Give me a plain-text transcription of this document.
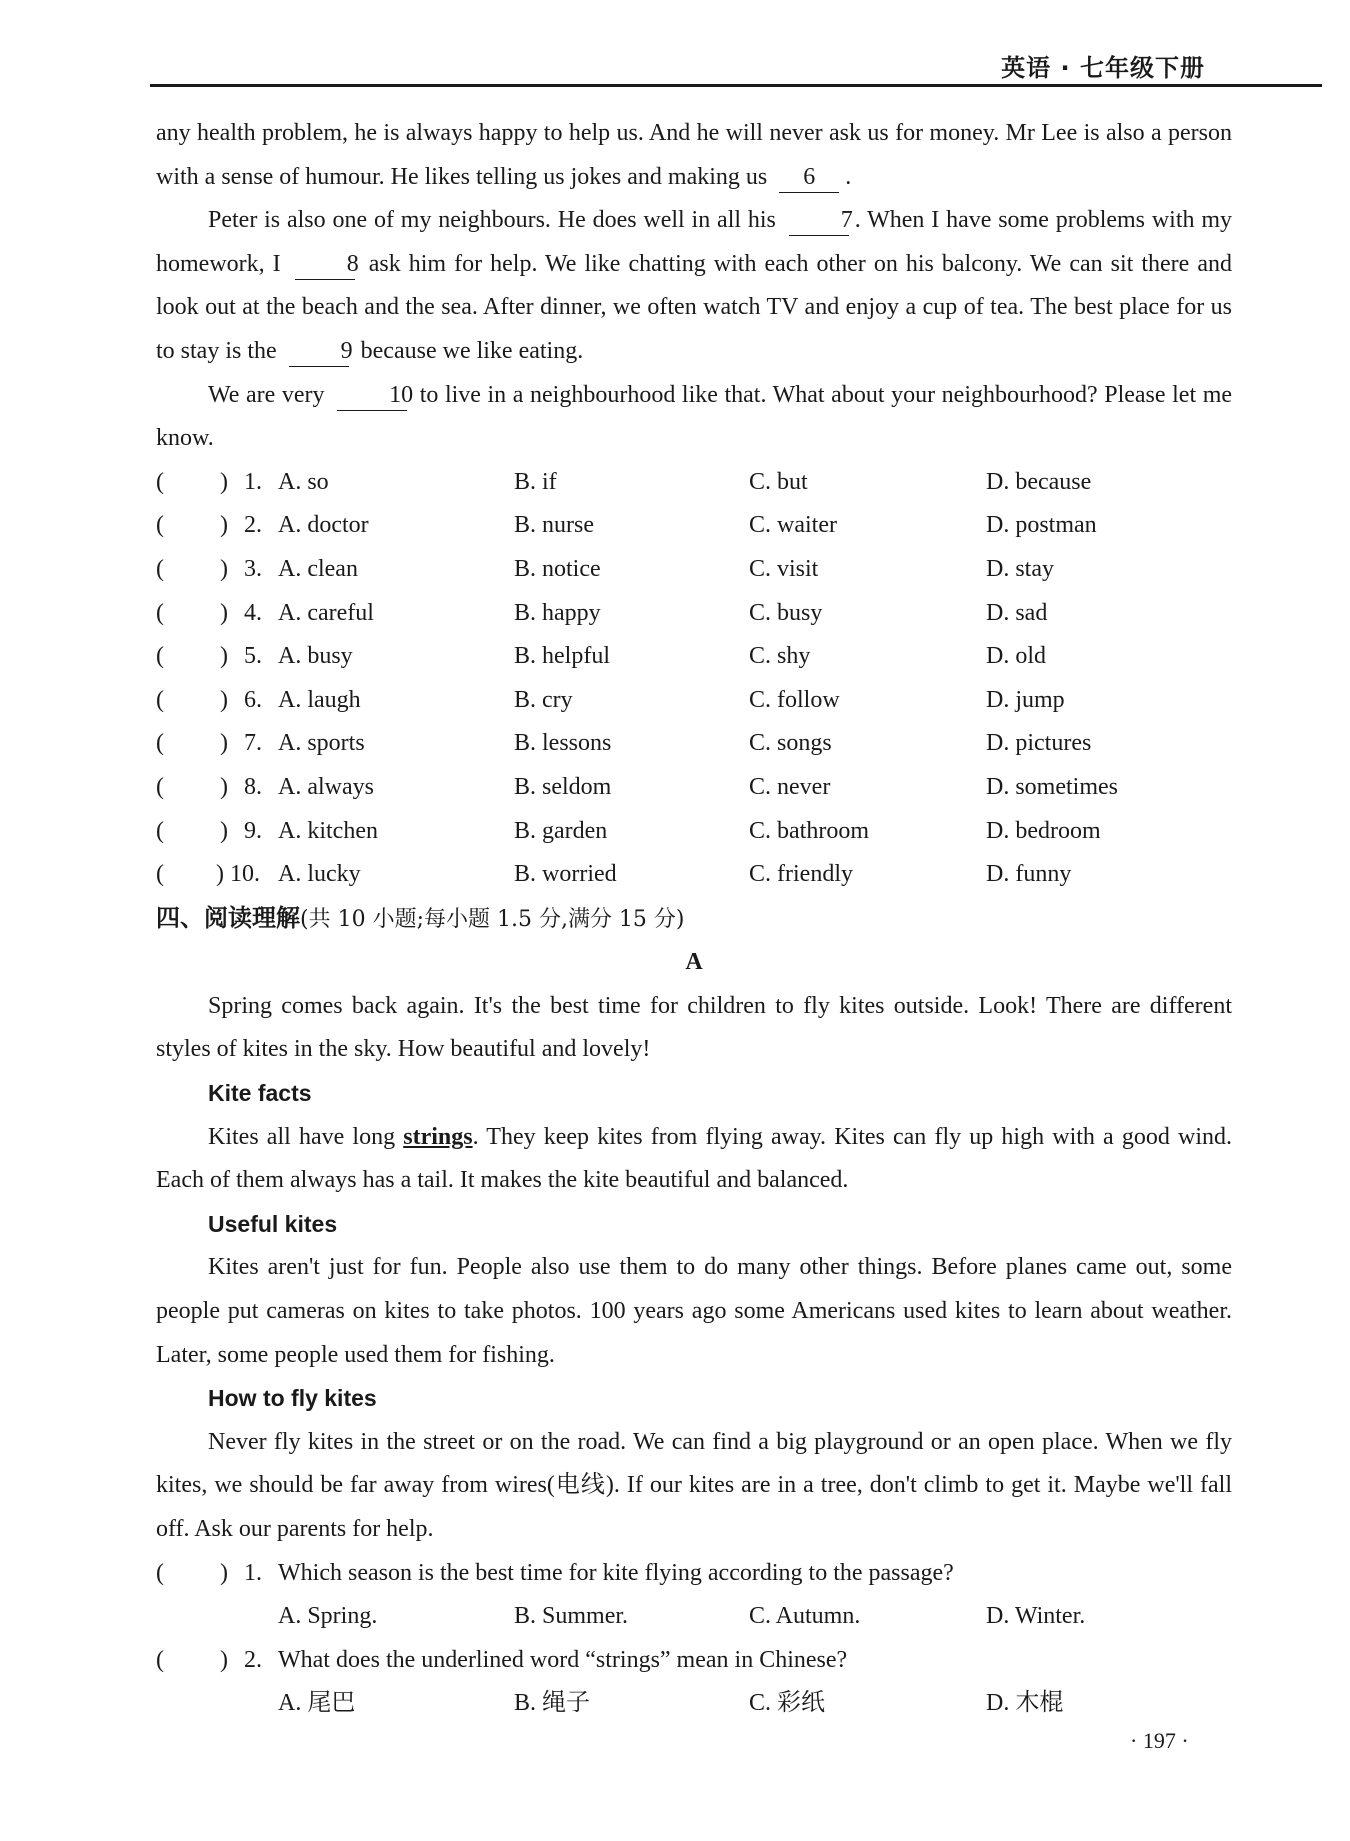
英语 · 七年级下册

any health problem, he is always happy to help us. And he will never ask us for money. Mr Lee is also a person with a sense of humour. He likes telling us jokes and making us 6 .

Peter is also one of my neighbours. He does well in all his	7. When I have some problems with my homework, I	8 ask him for help. We like chatting with each other on his balcony. We can sit there and look out at the beach and the sea. After dinner, we often watch TV and enjoy a cup of tea. The best place for us to stay is the	9 because we like eating.

We are very	10 to live in a neighbourhood like that. What about your neighbourhood? Please let me know.

( ) 1. A. so	B. if	C. but	D. because
( ) 2. A. doctor	B. nurse	C. waiter	D. postman
( ) 3. A. clean	B. notice	C. visit	D. stay
( ) 4. A. careful	B. happy	C. busy	D. sad
( ) 5. A. busy	B. helpful	C. shy	D. old
( ) 6. A. laugh	B. cry	C. follow	D. jump
( ) 7. A. sports	B. lessons	C. songs	D. pictures
( ) 8. A. always	B. seldom	C. never	D. sometimes
( ) 9. A. kitchen	B. garden	C. bathroom	D. bedroom
( ) 10. A. lucky	B. worried	C. friendly	D. funny

四、阅读理解(共 10 小题;每小题 1.5 分,满分 15 分)

A

Spring comes back again. It's the best time for children to fly kites outside. Look! There are different styles of kites in the sky. How beautiful and lovely!

Kite facts

Kites all have long strings. They keep kites from flying away. Kites can fly up high with a good wind. Each of them always has a tail. It makes the kite beautiful and balanced.

Useful kites

Kites aren't just for fun. People also use them to do many other things. Before planes came out, some people put cameras on kites to take photos. 100 years ago some Americans used kites to learn about weather. Later, some people used them for fishing.

How to fly kites

Never fly kites in the street or on the road. We can find a big playground or an open place. When we fly kites, we should be far away from wires(电线). If our kites are in a tree, don't climb to get it. Maybe we'll fall off. Ask our parents for help.

( ) 1. Which season is the best time for kite flying according to the passage?
A. Spring.	B. Summer.	C. Autumn.	D. Winter.
( ) 2. What does the underlined word “strings” mean in Chinese?
A. 尾巴	B. 绳子	C. 彩纸	D. 木棍
· 197 ·
